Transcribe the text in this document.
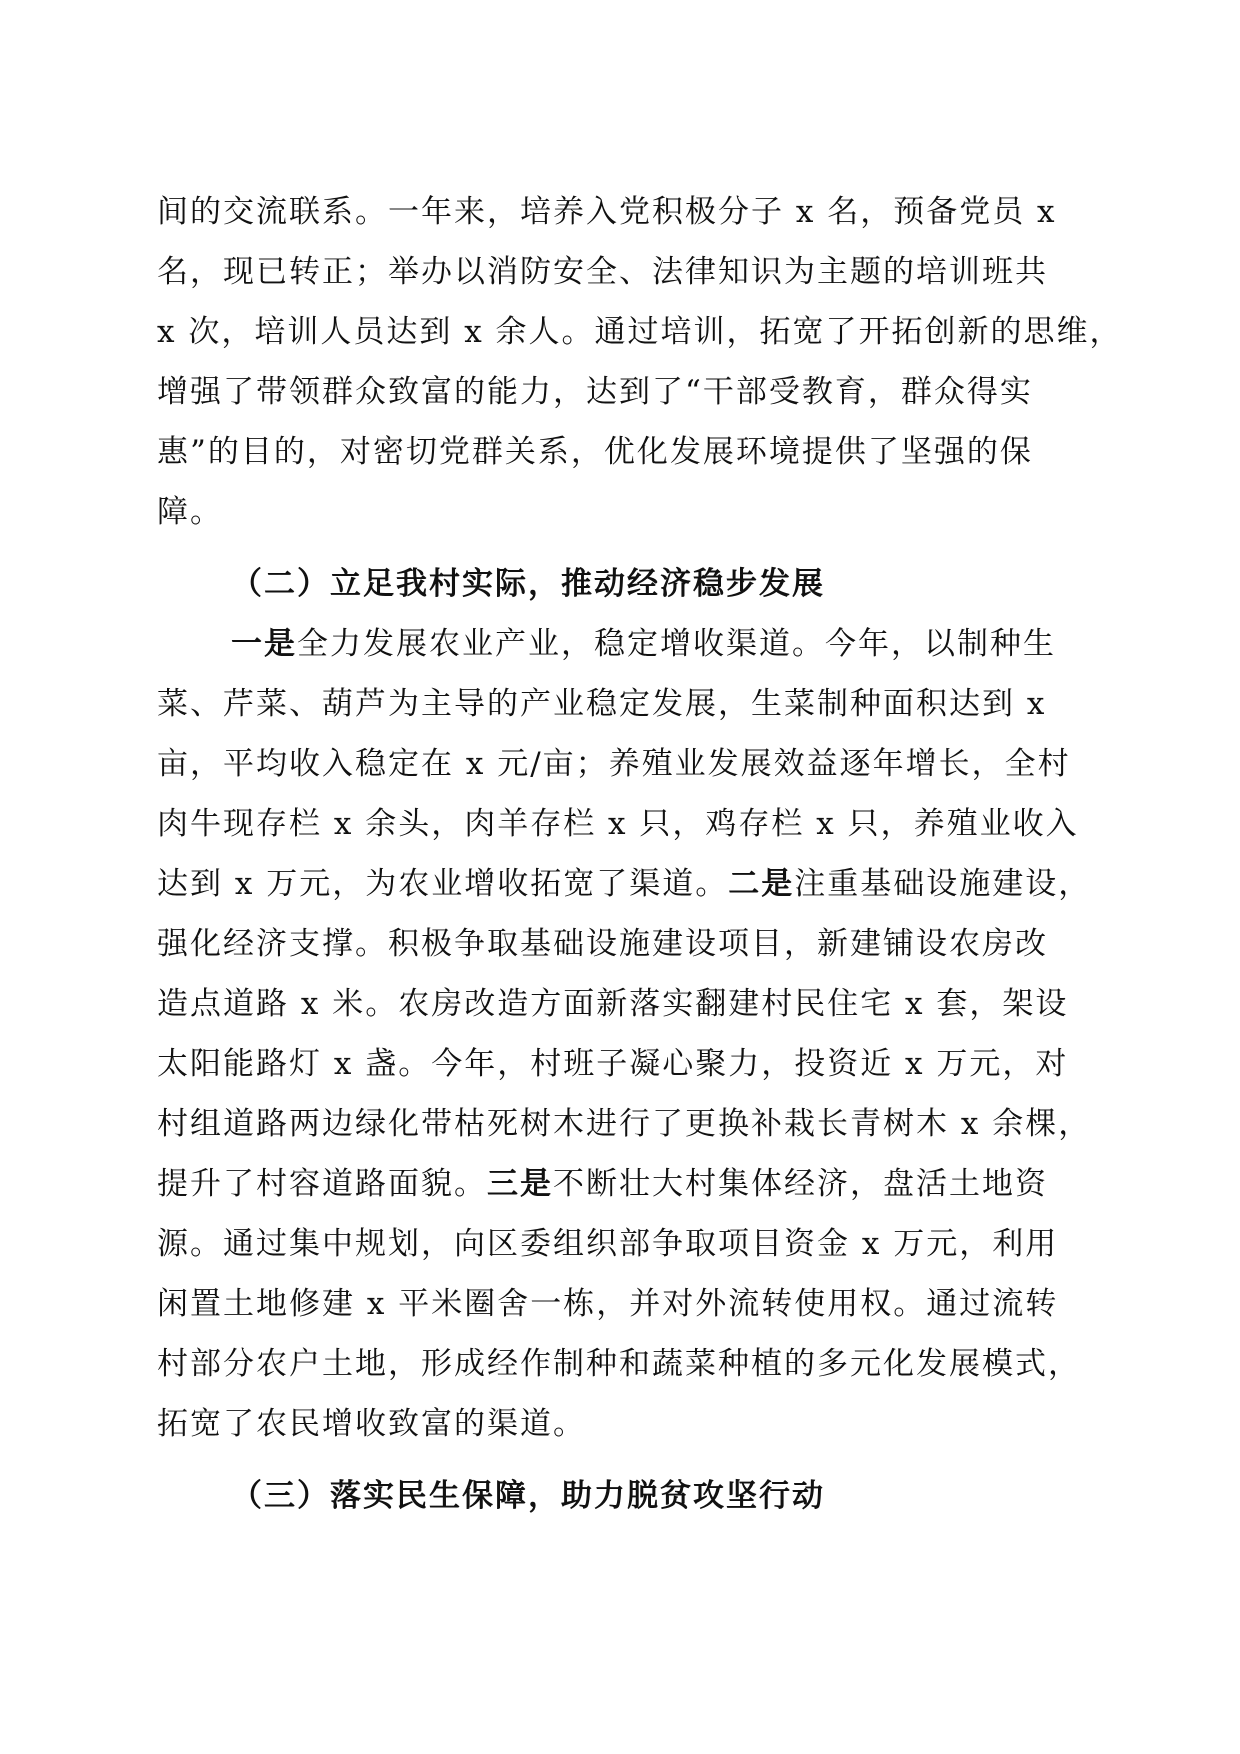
间的交流联系。一年来，培养入党积极分子 x 名，预备党员 x
名，现已转正；举办以消防安全、法律知识为主题的培训班共
x 次，培训人员达到 x 余人。通过培训，拓宽了开拓创新的思维，
增强了带领群众致富的能力，达到了“干部受教育，群众得实
惠”的目的，对密切党群关系，优化发展环境提供了坚强的保
障。

（二）立足我村实际，推动经济稳步发展

一是全力发展农业产业，稳定增收渠道。今年，以制种生
菜、芹菜、葫芦为主导的产业稳定发展，生菜制种面积达到 x
亩，平均收入稳定在 x 元/亩；养殖业发展效益逐年增长，全村
肉牛现存栏 x 余头，肉羊存栏 x 只，鸡存栏 x 只，养殖业收入
达到 x 万元，为农业增收拓宽了渠道。二是注重基础设施建设，
强化经济支撑。积极争取基础设施建设项目，新建铺设农房改
造点道路 x 米。农房改造方面新落实翻建村民住宅 x 套，架设
太阳能路灯 x 盏。今年，村班子凝心聚力，投资近 x 万元，对
村组道路两边绿化带枯死树木进行了更换补栽长青树木 x 余棵，
提升了村容道路面貌。三是不断壮大村集体经济，盘活土地资
源。通过集中规划，向区委组织部争取项目资金 x 万元，利用
闲置土地修建 x 平米圈舍一栋，并对外流转使用权。通过流转
村部分农户土地，形成经作制种和蔬菜种植的多元化发展模式，
拓宽了农民增收致富的渠道。

（三）落实民生保障，助力脱贫攻坚行动
